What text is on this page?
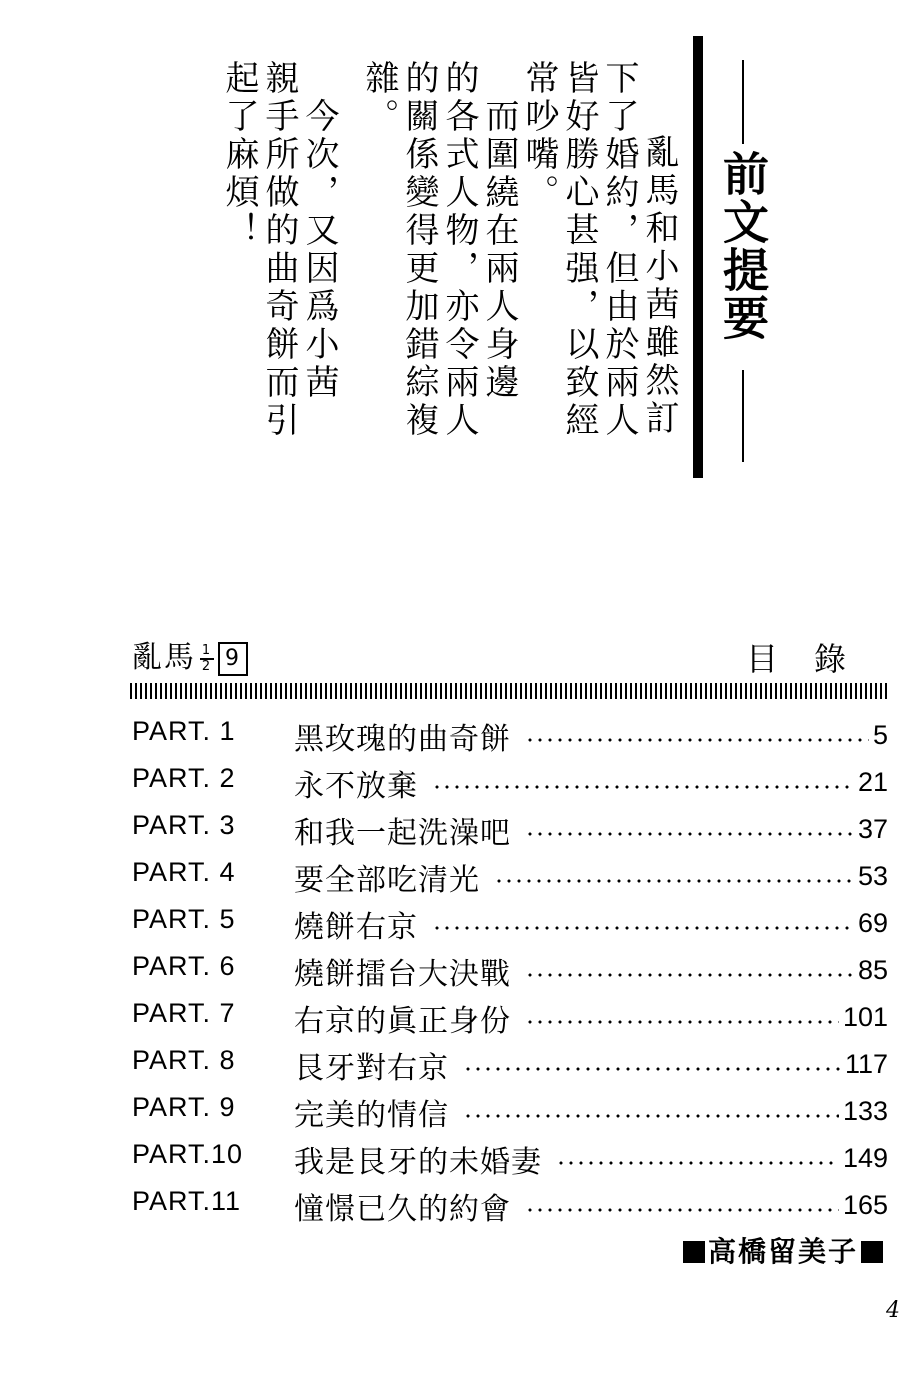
前文提要
亂馬和小茜雖然訂
下了婚約，但由於兩人
皆好勝心甚强，以致經
常吵嘴。
　而圍繞在兩人身邊
的各式人物，亦令兩人
的關係變得更加錯綜複
雜。
　今次，又因爲小茜
親手所做的曲奇餅而引
起了麻煩！
亂馬 $\frac{1}{2} 9$	目錄
PART. 1 黑玫瑰的曲奇餅	5
PART. 2 永不放棄	21
PART. 3 和我一起洗澡吧	37
PART. 4 要全部吃清光	53
PART. 5 燒餅右京	69
PART. 6 燒餅擂台大決戰	85
PART. 7 右京的眞正身份	101
PART. 8 艮牙對右京	117
PART. 9 完美的情信	133
PART.10 我是艮牙的未婚妻	149
PART.11 憧憬已久的約會	165
高橋留美子
4
